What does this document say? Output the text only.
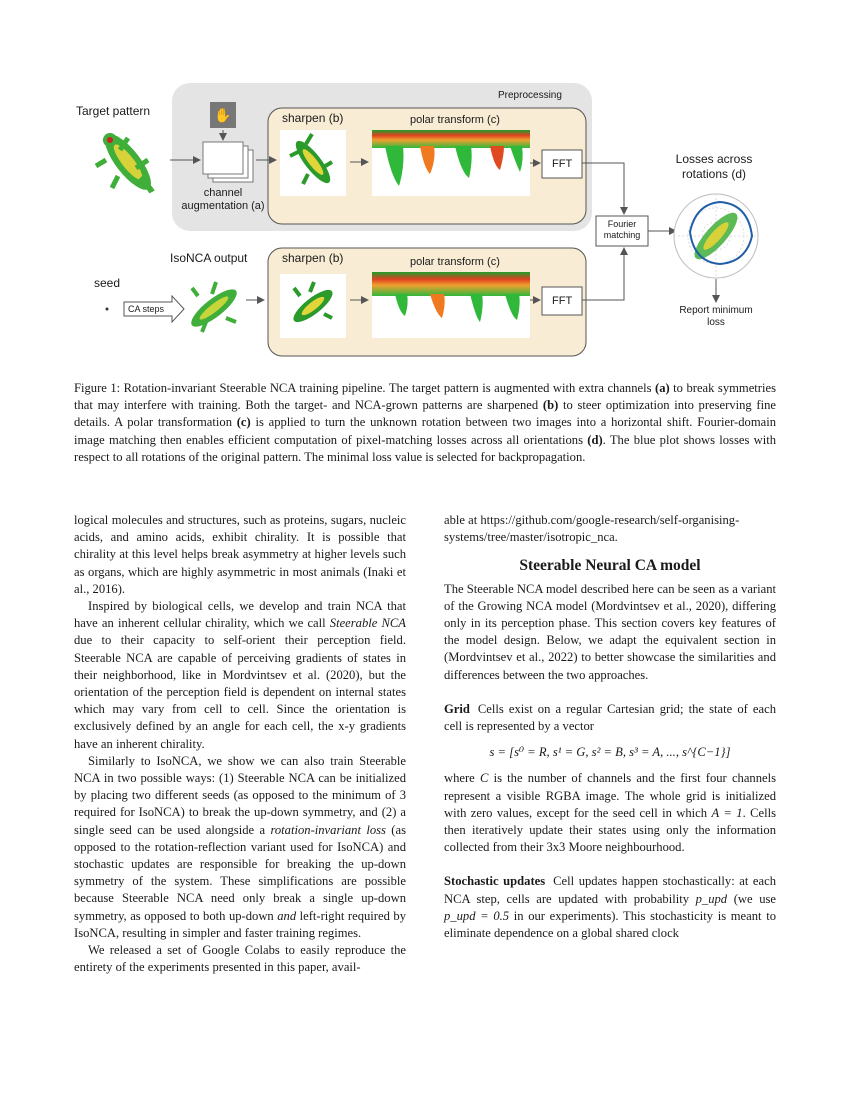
✋
Target pattern
Preprocessing
sharpen (b)	polar transform (c)
FFT
channel
augmentation (a)
Losses across
rotations (d)
Fourier
matching
IsoNCA output	sharpen (b)	polar transform (c)
FFT
seed
CA steps	Report minimum
loss
Figure 1: Rotation-invariant Steerable NCA training pipeline. The target pattern is augmented with extra channels (a) to break symmetries that may interfere with training. Both the target- and NCA-grown patterns are sharpened (b) to steer optimization into preserving fine details. A polar transformation (c) is applied to turn the unknown rotation between two images into a horizontal shift. Fourier-domain image matching then enables efficient computation of pixel-matching losses across all orientations (d). The blue plot shows losses with respect to all rotations of the original pattern. The minimal loss value is selected for backpropagation.

logical molecules and structures, such as proteins, sugars, nucleic acids, and amino acids, exhibit chirality. It is possible that chirality at this level helps break asymmetry at higher levels such as organs, which are highly asymmetric in most animals (Inaki et al., 2016).

Inspired by biological cells, we develop and train NCA that have an inherent cellular chirality, which we call Steerable NCA due to their capacity to self-orient their perception field. Steerable NCA are capable of perceiving gradients of states in their neighborhood, like in Mordvintsev et al. (2020), but the orientation of the perception field is dependent on internal states which may vary from cell to cell. Since the orientation is exclusively defined by an angle for each cell, the x-y gradients have an inherent chirality.

Similarly to IsoNCA, we show we can also train Steerable NCA in two possible ways: (1) Steerable NCA can be initialized by placing two different seeds (as opposed to the minimum of 3 required for IsoNCA) to break the up-down symmetry, and (2) a single seed can be used alongside a rotation-invariant loss (as opposed to the rotation-reflection variant used for IsoNCA) and stochastic updates are responsible for breaking the up-down symmetry of the system. These simplifications are possible because Steerable NCA need only break a single up-down symmetry, as opposed to both up-down and left-right required by IsoNCA, resulting in simpler and faster training regimes.

We released a set of Google Colabs to easily reproduce the entirety of the experiments presented in this paper, avail-

able at https://github.com/google-research/self-organising-systems/tree/master/isotropic_nca.

Steerable Neural CA model

The Steerable NCA model described here can be seen as a variant of the Growing NCA model (Mordvintsev et al., 2020), differing only in its perception phase. This section covers key features of the model design. Below, we adapt the equivalent section in (Mordvintsev et al., 2022) to better showcase the similarities and differences between the two approaches.

Grid Cells exist on a regular Cartesian grid; the state of each cell is represented by a vector

s = [s⁰ = R, s¹ = G, s² = B, s³ = A, ..., s^{C−1}]

where C is the number of channels and the first four channels represent a visible RGBA image. The whole grid is initialized with zero values, except for the seed cell in which A = 1. Cells then iteratively update their states using only the information collected from their 3x3 Moore neighbourhood.

Stochastic updates Cell updates happen stochastically: at each NCA step, cells are updated with probability p_upd (we use p_upd = 0.5 in our experiments). This stochasticity is meant to eliminate dependence on a global shared clock
